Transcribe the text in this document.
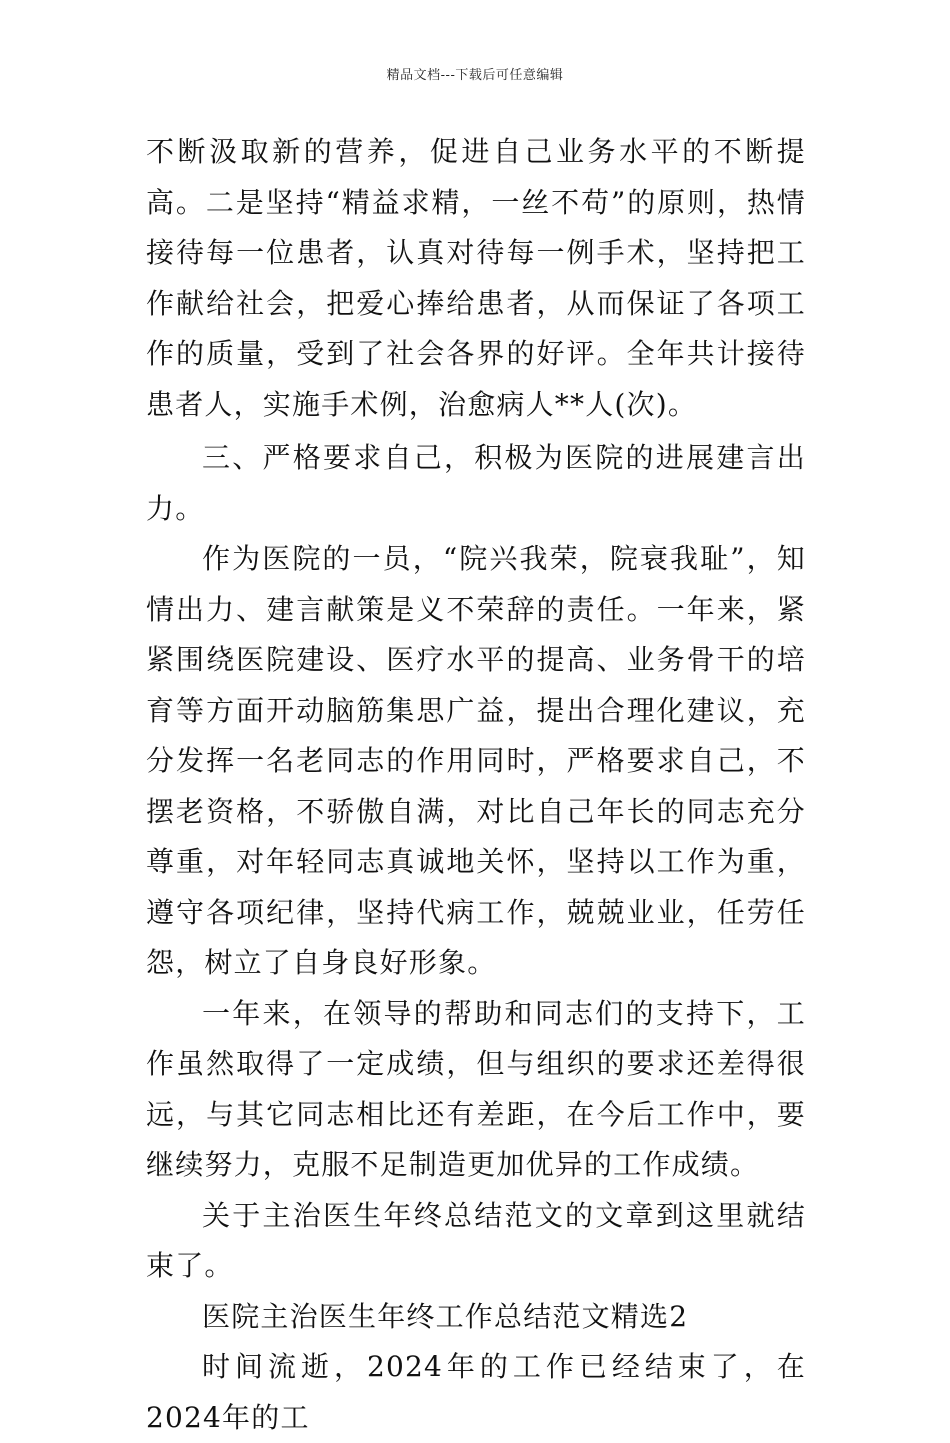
精品文档---下载后可任意编辑

不断汲取新的营养，促进自己业务水平的不断提高。二是坚持“精益求精，一丝不苟”的原则，热情接待每一位患者，认真对待每一例手术，坚持把工作献给社会，把爱心捧给患者，从而保证了各项工作的质量，受到了社会各界的好评。全年共计接待患者人，实施手术例，治愈病人**人(次)。

三、严格要求自己，积极为医院的进展建言出力。

作为医院的一员，“院兴我荣，院衰我耻”，知情出力、建言献策是义不荣辞的责任。一年来，紧紧围绕医院建设、医疗水平的提高、业务骨干的培育等方面开动脑筋集思广益，提出合理化建议，充分发挥一名老同志的作用同时，严格要求自己，不摆老资格，不骄傲自满，对比自己年长的同志充分尊重，对年轻同志真诚地关怀，坚持以工作为重，遵守各项纪律，坚持代病工作，兢兢业业，任劳任怨，树立了自身良好形象。

一年来，在领导的帮助和同志们的支持下，工作虽然取得了一定成绩，但与组织的要求还差得很远，与其它同志相比还有差距，在今后工作中，要继续努力，克服不足制造更加优异的工作成绩。

关于主治医生年终总结范文的文章到这里就结束了。

医院主治医生年终工作总结范文精选2

时间流逝，2024年的工作已经结束了，在2024年的工
